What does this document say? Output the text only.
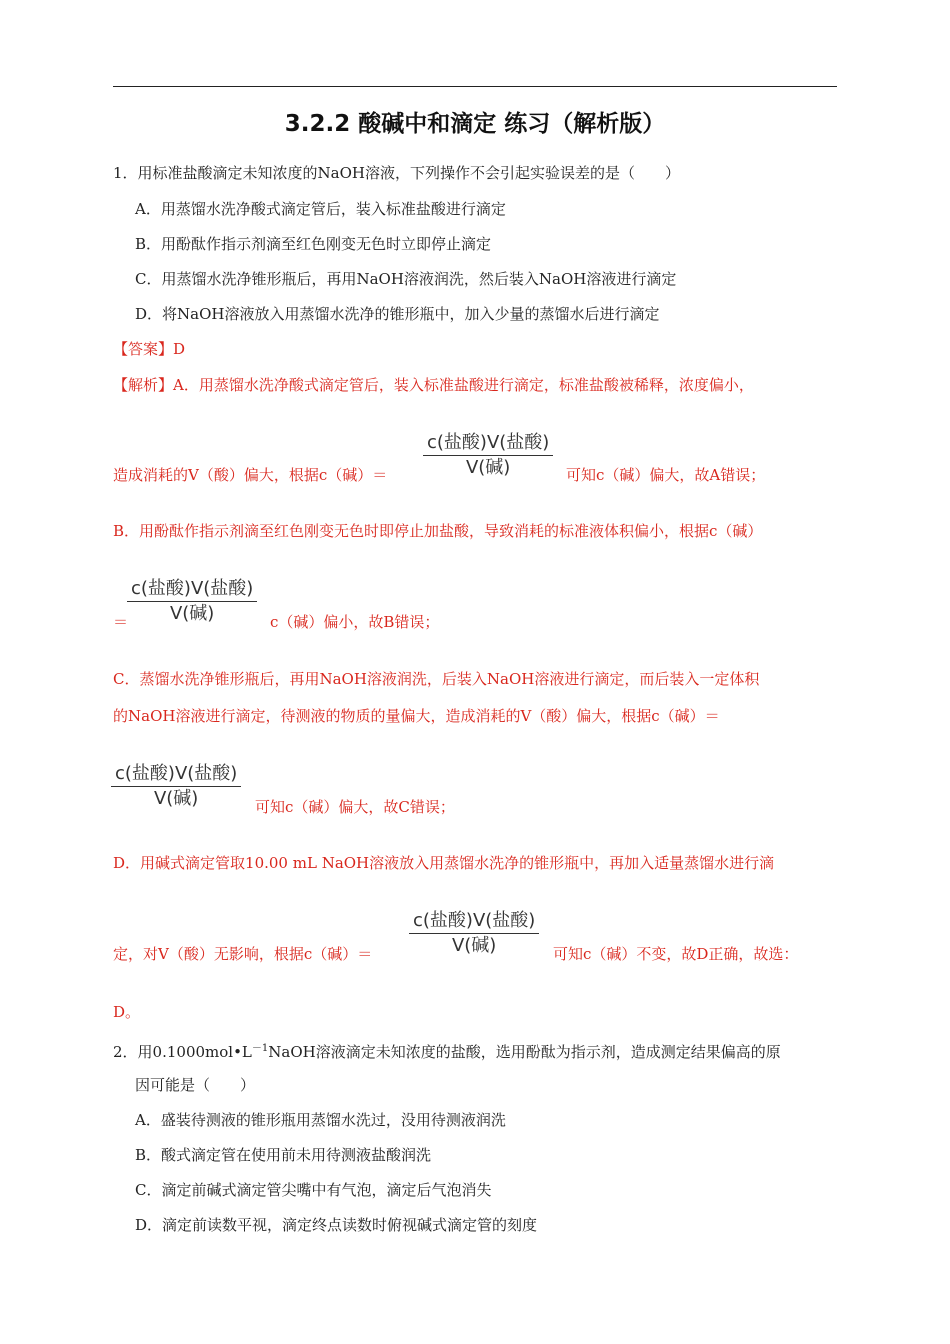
3.2.2 酸碱中和滴定 练习（解析版）
1．用标准盐酸滴定未知浓度的NaOH溶液，下列操作不会引起实验误差的是（　　）
A．用蒸馏水洗净酸式滴定管后，装入标准盐酸进行滴定
B．用酚酞作指示剂滴至红色刚变无色时立即停止滴定
C．用蒸馏水洗净锥形瓶后，再用NaOH溶液润洗，然后装入NaOH溶液进行滴定
D．将NaOH溶液放入用蒸馏水洗净的锥形瓶中，加入少量的蒸馏水后进行滴定
【答案】D
【解析】A．用蒸馏水洗净酸式滴定管后，装入标准盐酸进行滴定，标准盐酸被稀释，浓度偏小，
c(盐酸)V(盐酸)
V(碱)
造成消耗的V（酸）偏大，根据c（碱）＝	可知c（碱）偏大，故A错误；
B．用酚酞作指示剂滴至红色刚变无色时即停止加盐酸，导致消耗的标准液体积偏小，根据c（碱）
c(盐酸)V(盐酸)
V(碱)
＝	c（碱）偏小，故B错误；
C．蒸馏水洗净锥形瓶后，再用NaOH溶液润洗，后装入NaOH溶液进行滴定，而后装入一定体积
的NaOH溶液进行滴定，待测液的物质的量偏大，造成消耗的V（酸）偏大，根据c（碱）＝
c(盐酸)V(盐酸)
V(碱)	可知c（碱）偏大，故C错误；
D．用碱式滴定管取10.00 mL NaOH溶液放入用蒸馏水洗净的锥形瓶中，再加入适量蒸馏水进行滴
c(盐酸)V(盐酸)
V(碱)
定，对V（酸）无影响，根据c（碱）＝	可知c（碱）不变，故D正确，故选：
D。
2．用$0.1000mol•L^{-1}NaOH$溶液滴定未知浓度的盐酸，选用酚酞为指示剂，造成测定结果偏高的原
因可能是（　　）
A．盛装待测液的锥形瓶用蒸馏水洗过，没用待测液润洗
B．酸式滴定管在使用前未用待测液盐酸润洗
C．滴定前碱式滴定管尖嘴中有气泡，滴定后气泡消失
D．滴定前读数平视，滴定终点读数时俯视碱式滴定管的刻度
